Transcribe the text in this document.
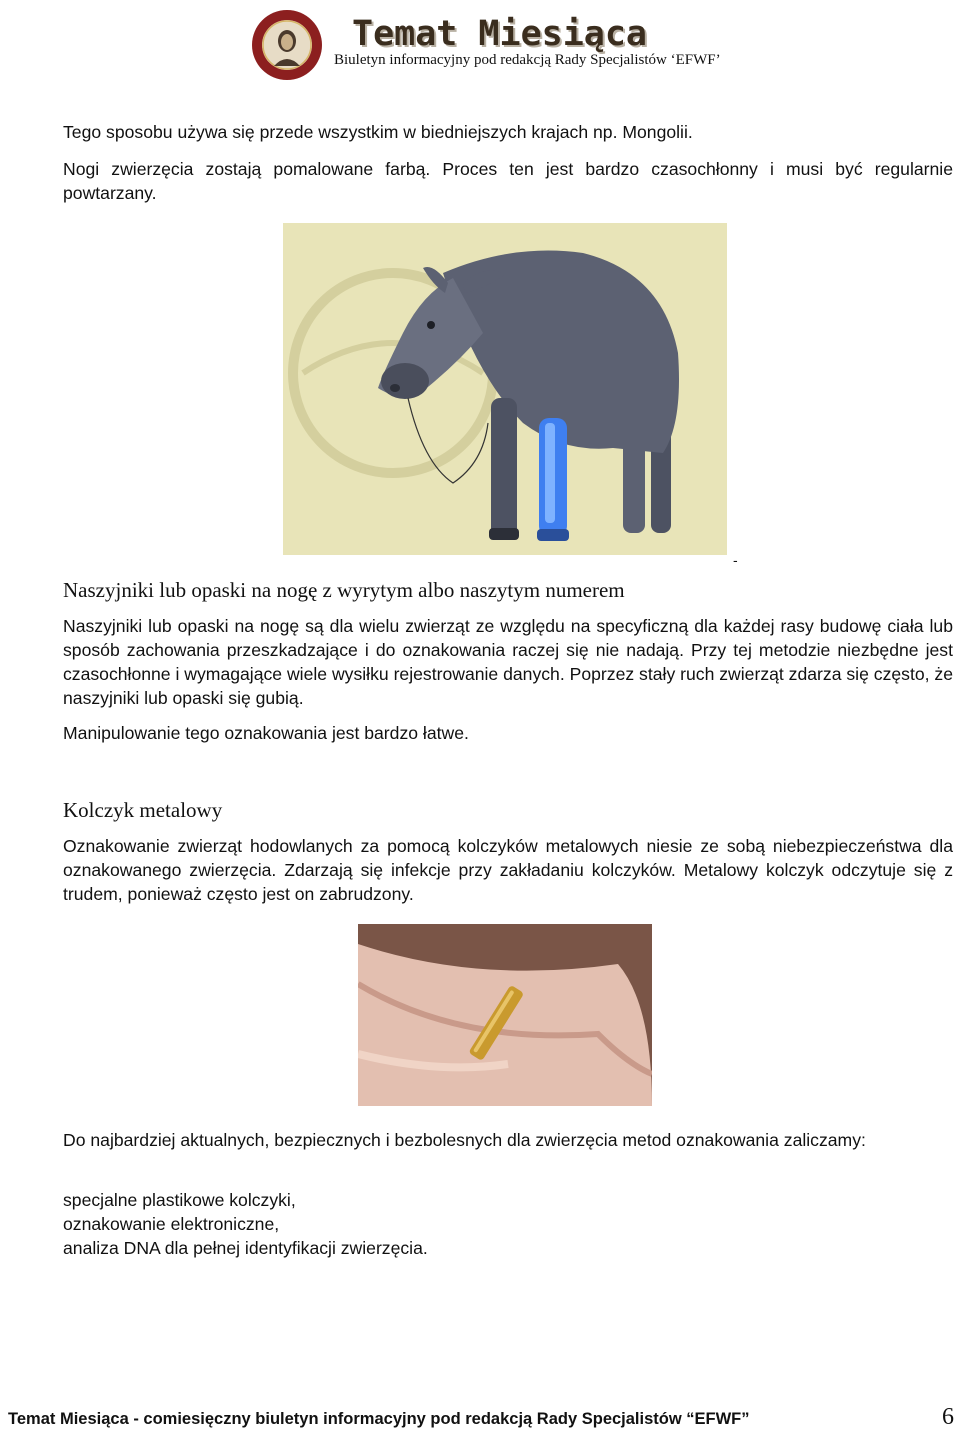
Temat Miesiąca

Biuletyn informacyjny pod redakcją Rady Specjalistów ‘EFWF’

Tego sposobu używa się przede wszystkim w biedniejszych krajach np. Mongolii.

Nogi zwierzęcia zostają pomalowane farbą. Proces ten jest bardzo czasochłonny i musi być regularnie powtarzany.

-
Naszyjniki lub opaski na nogę z wyrytym albo naszytym numerem

Naszyjniki lub opaski na nogę są dla wielu zwierząt ze względu na specyficzną dla każdej rasy budowę ciała lub sposób zachowania przeszkadzające i do oznakowania raczej się nie nadają. Przy tej metodzie niezbędne jest czasochłonne i wymagające wiele wysiłku rejestrowanie danych. Poprzez stały ruch zwierząt zdarza się często, że naszyjniki lub opaski się gubią.

Manipulowanie tego oznakowania jest bardzo łatwe.

Kolczyk metalowy

Oznakowanie zwierząt hodowlanych za pomocą kolczyków metalowych niesie ze sobą niebezpieczeństwa dla oznakowanego zwierzęcia. Zdarzają się infekcje przy zakładaniu kolczyków. Metalowy kolczyk odczytuje się z trudem, ponieważ często jest on zabrudzony.

Do najbardziej aktualnych, bezpiecznych i bezbolesnych dla zwierzęcia metod oznakowania zaliczamy:

specjalne plastikowe kolczyki,
oznakowanie elektroniczne,
analiza DNA dla pełnej identyfikacji zwierzęcia.
Temat Miesiąca - comiesięczny biuletyn informacyjny pod redakcją Rady Specjalistów “EFWF”	6
